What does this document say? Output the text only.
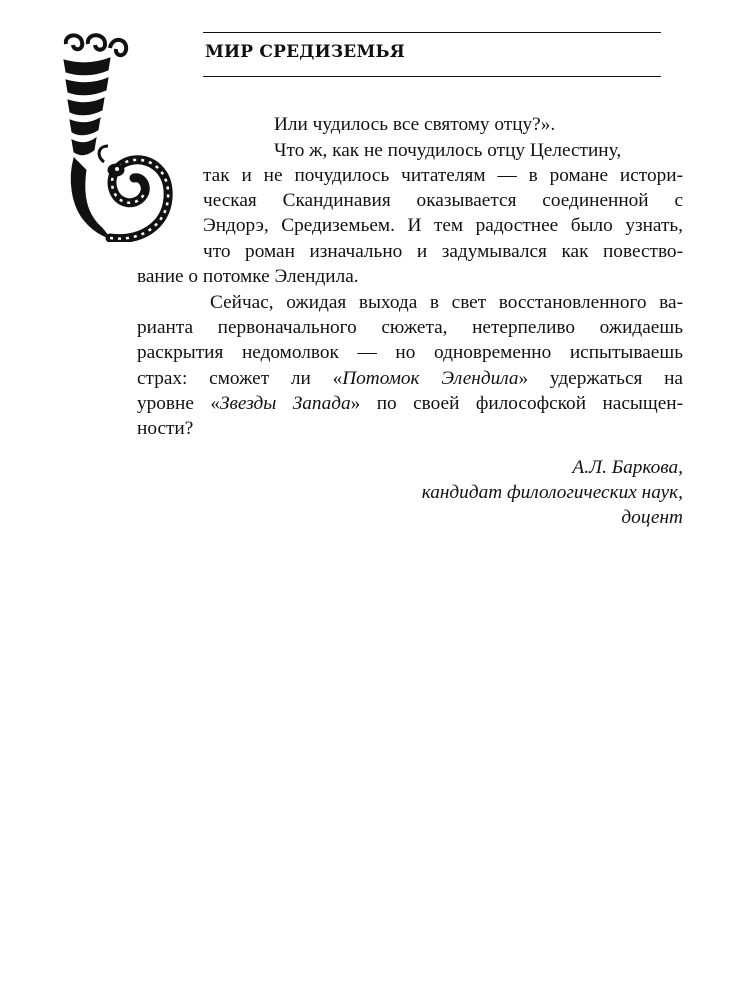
МИР СРЕДИЗЕМЬЯ
Или чудилось все святому отцу?».
Что ж, как не почудилось отцу Целестину,
так и не почудилось читателям — в романе истори-
ческая Скандинавия оказывается соединенной с
Эндорэ, Средиземьем. И тем радостнее было узнать,
что роман изначально и задумывался как повество-
вание о потомке Элендила.
Сейчас, ожидая выхода в свет восстановленного ва-
рианта первоначального сюжета, нетерпеливо ожидаешь
раскрытия недомолвок — но одновременно испытываешь
страх: сможет ли «Потомок Элендила» удержаться на
уровне «Звезды Запада» по своей философской насыщен-
ности?
А.Л. Баркова,
кандидат филологических наук,
доцент
